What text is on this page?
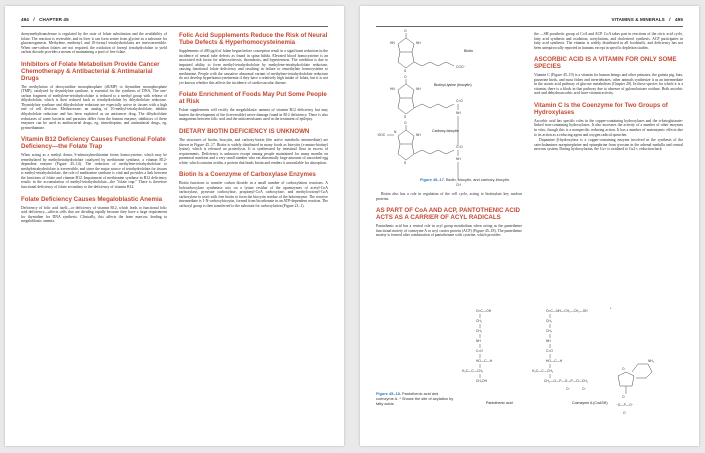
494 / CHAPTER 45

dronymethyltransferase is regulated by the state of folate substitution and the availability of folate. The reaction is reversible, and in liver it can form serine from glycine as a substrate for gluconeogenesis. Methylene, methenyl, and 10-formyl tetrahydrofolates are interconvertible. When one-carbon folates are not required, the oxidation of formyl tetrahydrofolate to yield carbon dioxide provides a means of maintaining a pool of free folate.

Inhibitors of Folate Metabolism Provide Cancer Chemotherapy & Antibacterial & Antimalarial Drugs

The methylation of deoxyuridine monophosphate (dUMP) to thymidine monophosphate (TMP), catalyzed by thymidylate synthase, is essential for the synthesis of DNA. The one-carbon fragment of methylene-tetrahydrofolate is reduced to a methyl group with release of dihydrofolate, which is then reduced back to tetrahydrofolate by dihydrofolate reductase. Thymidylate synthase and dihydrofolate reductase are especially active in tissues with a high rate of cell division. Methotrexate, an analog of 10-methyl-tetrahydrofolate, inhibits dihydrofolate reductase and has been exploited as an anticancer drug. The dihydrofolate reductases of some bacteria and parasites differ from the human enzyme; inhibitors of these enzymes can be used as antibacterial drugs, eg, trimethoprim, and antimalarial drugs, eg, pyrimethamine.

Vitamin B12 Deficiency Causes Functional Folate Deficiency—the Folate Trap

When acting as a methyl donor, S-adenosylmethionine forms homocysteine, which may be remethylated by methyltetrahydrofolate catalyzed by methionine synthase, a vitamin B12-dependent enzyme (Figure 45–14). The reduction of methylene-tetrahydrofolate to methyltetrahydrofolate is irreversible, and since the major source of tetrahydrofolate for tissues is methyl-tetrahydrofolate, the role of methionine synthase is vital and provides a link between the functions of folate and vitamin B12. Impairment of methionine synthase in B12 deficiency results in the accumulation of methyl-tetrahydrofolate—the "folate trap." There is therefore functional deficiency of folate secondary to the deficiency of vitamin B12.

Folate Deficiency Causes Megaloblastic Anemia

Deficiency of folic acid itself—or deficiency of vitamin B12, which leads to functional folic acid deficiency—affects cells that are dividing rapidly because they have a large requirement for thymidine for DNA synthesis. Clinically, this affects the bone marrow, leading to megaloblastic anemia.

Folic Acid Supplements Reduce the Risk of Neural Tube Defects & Hyperhomocysteinemia

Supplements of 400 μg/d of folate begun before conception result in a significant reduction in the incidence of neural tube defects as found in spina bifida. Elevated blood homocysteine is an associated risk factor for atherosclerosis, thrombosis, and hypertension. The condition is due to impaired ability to form methyl-tetrahydrofolate by methylene-tetrahydrofolate reductase, causing functional folate deficiency and resulting in failure to remethylate homocysteine to methionine. People with the causative abnormal variant of methylene-tetrahydrofolate reductase do not develop hyperhomocysteinemia if they have a relatively high intake of folate, but it is not yet known whether this affects the incidence of cardiovascular disease.

Folate Enrichment of Foods May Put Some People at Risk

Folate supplements will rectify the megaloblastic anemia of vitamin B12 deficiency but may hasten the development of the (irreversible) nerve damage found in B12 deficiency. There is also antagonism between folic acid and the anticonvulsants used in the treatment of epilepsy.

DIETARY BIOTIN DEFICIENCY IS UNKNOWN

The structures of biotin, biocytin, and carboxy-biotin (the active metabolic intermediate) are shown in Figure 45–17. Biotin is widely distributed in many foods as biocytin (ε-amino-biotinyl lysine), which is released on proteolysis. It is synthesized by intestinal flora in excess of requirements. Deficiency is unknown except among people maintained for many months on parenteral nutrition and a very small number who eat abnormally large amounts of uncooked egg white, which contains avidin, a protein that binds biotin and renders it unavailable for absorption.

Biotin Is a Coenzyme of Carboxylase Enzymes

Biotin functions to transfer carbon dioxide in a small number of carboxylation reactions. A holocarboxylase synthetase acts on a lysine residue of the apoenzymes of acetyl-CoA carboxylase, pyruvate carboxylase, propionyl-CoA carboxylase, and methylcrotonyl-CoA carboxylase to react with free biotin to form the biocytin residue of the holoenzyme. The reactive intermediate is 1-N-carboxybiocytin, formed from bicarbonate in an ATP-dependent reaction. The carboxyl group is then transferred to the substrate for carboxylation (Figure 21–1).

VITAMINS & MINERALS / 495
O
HN	NH
S
COO⁻
Biotin
O
HN	NH
S
C=O
NH
Biotinyl-lysine (biocytin)
⁻OOC
O
N
NH
S
C=O
NH
CH
Carboxy-biocytin
Figure 45–17. Biotin, biocytin, and carboxy-biocytin.

Biotin also has a role in regulation of the cell cycle, acting to biotinylate key nuclear proteins.

AS PART OF CoA AND ACP, PANTOTHENIC ACID ACTS AS A CARRIER OF ACYL RADICALS

Pantothenic acid has a central role in acyl group metabolism when acting as the pantetheine functional moiety of coenzyme A or acyl carrier protein (ACP) (Figure 45–18). The pantetheine moiety is formed after combination of pantothenate with cysteine, which provides

the —SH prosthetic group of CoA and ACP. CoA takes part in reactions of the citric acid cycle, fatty acid synthesis and oxidation, acetylations, and cholesterol synthesis. ACP participates in fatty acid synthesis. The vitamin is widely distributed in all foodstuffs, and deficiency has not been unequivocally reported in humans except in specific depletion studies.

ASCORBIC ACID IS A VITAMIN FOR ONLY SOME SPECIES

Vitamin C (Figure 45–19) is a vitamin for human beings and other primates, the guinea pig, bats, passerine birds, and most fishes and invertebrates; other animals synthesize it as an intermediate in the uronic acid pathway of glucose metabolism (Chapter 20). In those species for which it is a vitamin, there is a block in that pathway due to absence of gulonolactone oxidase. Both ascorbic acid and dehydroascorbic acid have vitamin activity.

Vitamin C Is the Coenzyme for Two Groups of Hydroxylases

Ascorbic acid has specific roles in the copper-containing hydroxylases and the α-ketoglutarate-linked iron-containing hydroxylases. It also increases the activity of a number of other enzymes in vitro, though this is a nonspecific reducing action. It has a number of nonenzymic effects due to its action as a reducing agent and oxygen radical quencher.

Dopamine β-hydroxylase is a copper-containing enzyme involved in the synthesis of the catecholamines norepinephrine and epinephrine from tyrosine in the adrenal medulla and central nervous system. During hydroxylation, the Cu+ is oxidized to Cu2+; reduction back

O=C—OH
CH₂
CH₂
NH
C=O
HO—C—H
H₃C—C—CH₃
CH₂OH
Pantothenic acid
O=C—NH—CH₂—CH₂—SH	*
CH₂
CH₂
NH
C=O
HO—C—H
H₃C—C—CH₃
CH₂—O—P—O—P—O—CH₂
O⁻	O⁻
O
NH₂
O
⁻O—P—O⁻
O
Coenzyme A (CoASH)
Figure 45–18. Pantothenic acid and coenzyme A. * Shows the site of acylation by fatty acids.
